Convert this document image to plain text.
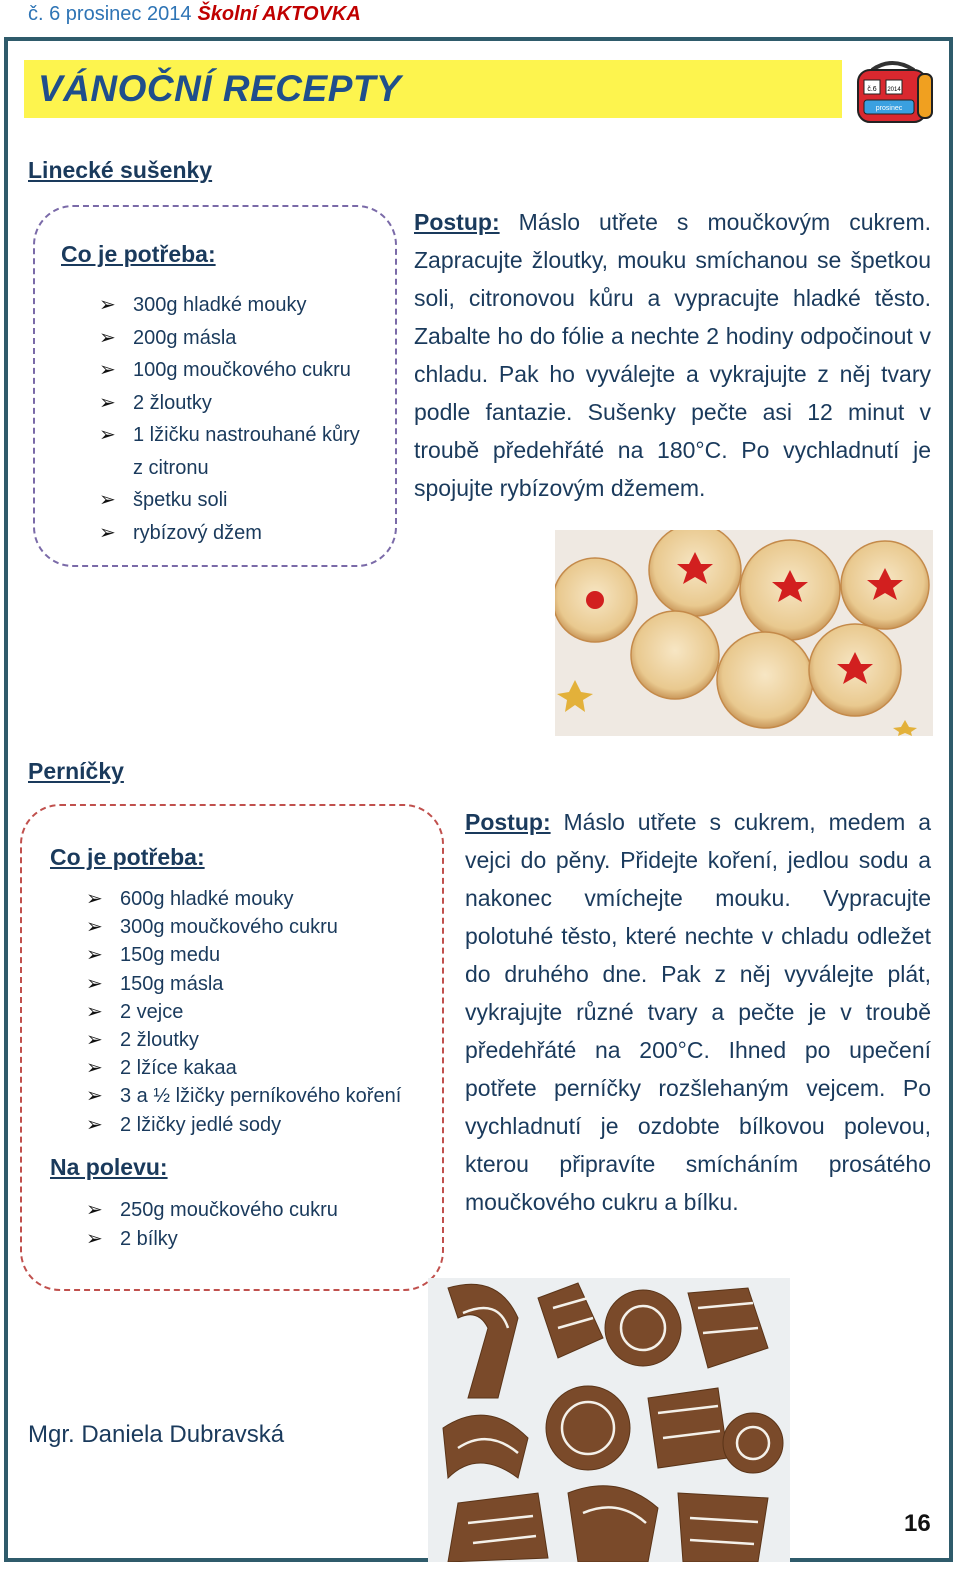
č. 6 prosinec 2014 Školní AKTOVKA
VÁNOČNÍ RECEPTY	č.6 2014
prosinec
Linecké sušenky
Co je potřeba:
➢ 300g hladké mouky
➢ 200g másla
➢ 100g moučkového cukru
➢ 2 žloutky
➢ 1 lžičku nastrouhané kůry z citronu
➢ špetku soli
➢ rybízový džem
Postup: Máslo utřete s moučkovým cukrem. Zapracujte žloutky, mouku smíchanou se špetkou soli, citronovou kůru a vypracujte hladké těsto. Zabalte ho do fólie a nechte 2 hodiny odpočinout v chladu. Pak ho vyválejte a vykrajujte z něj tvary podle fantazie. Sušenky pečte asi 12 minut v troubě předehřáté na 180°C. Po vychladnutí je spojujte rybízovým džemem.
Perníčky
Co je potřeba:
➢ 600g hladké mouky
➢ 300g moučkového cukru
➢ 150g medu
➢ 150g másla
➢ 2 vejce
➢ 2 žloutky
➢ 2 lžíce kakaa
➢ 3 a ½ lžičky perníkového koření
➢ 2 lžičky jedlé sody
Na polevu:
➢ 250g moučkového cukru
➢ 2 bílky
Postup: Máslo utřete s cukrem, medem a vejci do pěny. Přidejte koření, jedlou sodu a nakonec vmíchejte mouku. Vypracujte polotuhé těsto, které nechte v chladu odležet do druhého dne. Pak z něj vyválejte plát, vykrajujte různé tvary a pečte je v troubě předehřáté na 200°C. Ihned po upečení potřete perníčky rozšlehaným vejcem. Po vychladnutí je ozdobte bílkovou polevou, kterou připravíte smícháním prosátého moučkového cukru a bílku.
Mgr. Daniela Dubravská
16
